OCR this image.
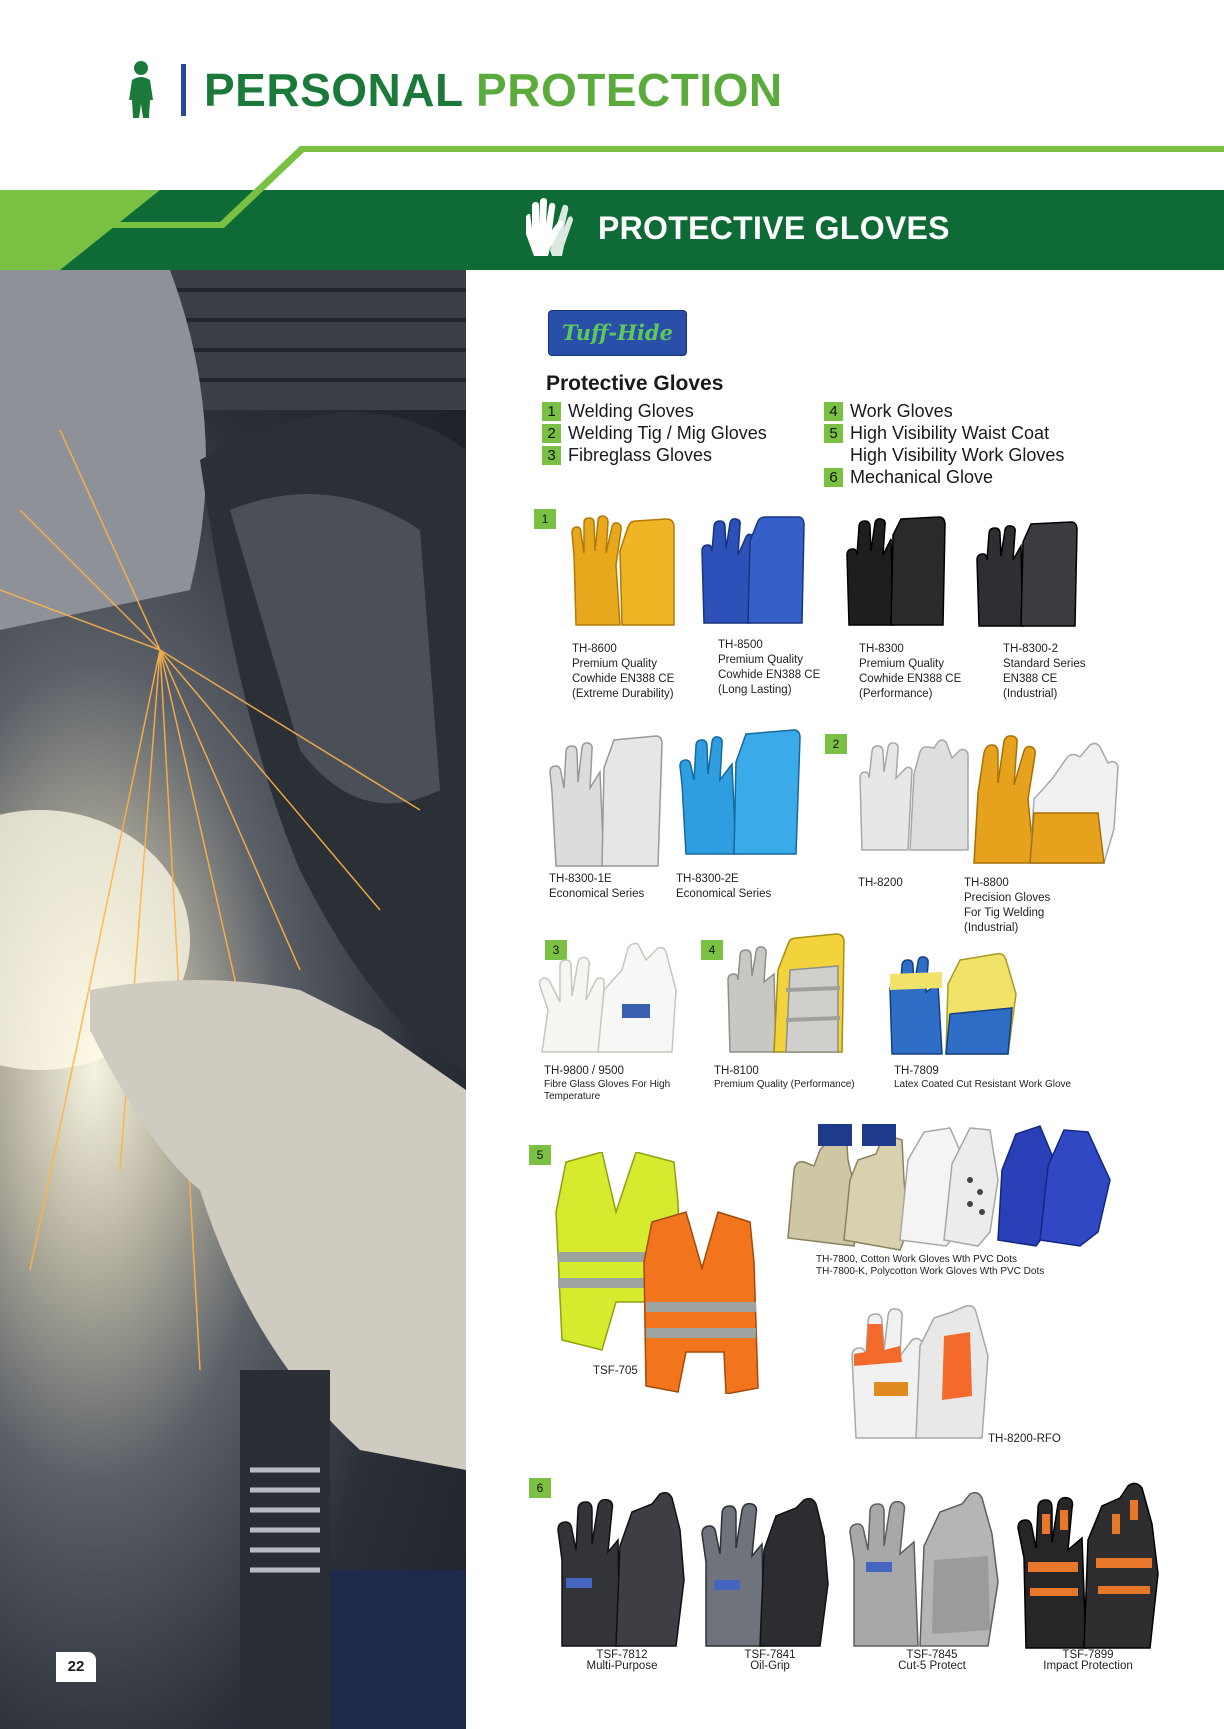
PERSONAL PROTECTION
PROTECTIVE GLOVES
22
Tuff-Hide
Protective Gloves
1 Welding Gloves
2 Welding Tig / Mig Gloves
3 Fibreglass Gloves
4 Work Gloves
5 High Visibility Waist Coat
High Visibility Work Gloves
6 Mechanical Glove
1
2
3	4
5
6
TH-8600
Premium Quality
Cowhide EN388 CE
(Extreme Durability)
TH-8500
Premium Quality
Cowhide EN388 CE
(Long Lasting)
TH-8300
Premium Quality
Cowhide EN388 CE
(Performance)
TH-8300-2
Standard Series
EN388 CE
(Industrial)
TH-8300-1E
Economical Series
TH-8300-2E
Economical Series
TH-8200	TH-8800
Precision Gloves
For Tig Welding
(Industrial)
TH-9800 / 9500
Fibre Glass Gloves For High
Temperature
TH-8100
Premium Quality (Performance)
TH-7809
Latex Coated Cut Resistant Work Glove
TSF-705
TH-7800, Cotton Work Gloves Wth PVC Dots
TH-7800-K, Polycotton Work Gloves Wth PVC Dots
TH-8200-RFO
TSF-7812
Multi-Purpose
TSF-7841
Oil-Grip
TSF-7845
Cut-5 Protect
TSF-7899
Impact Protection
